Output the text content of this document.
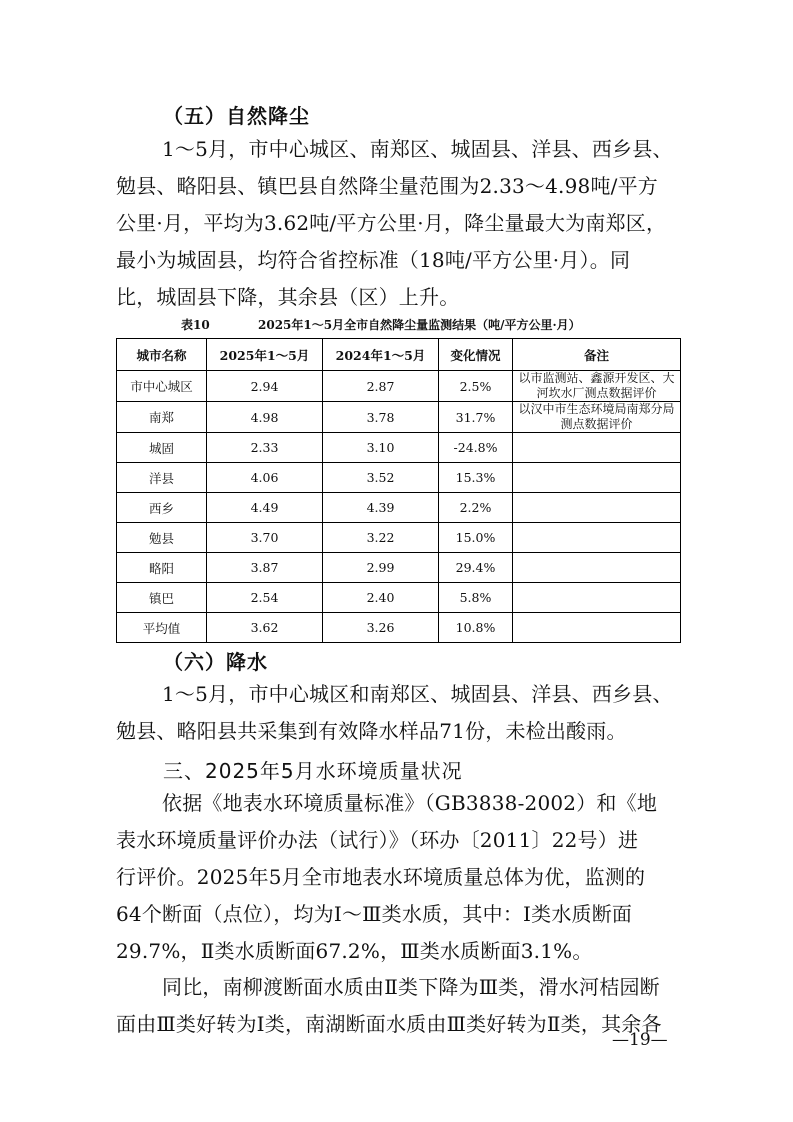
（五）自然降尘
1～5月，市中心城区、南郑区、城固县、洋县、西乡县、
勉县、略阳县、镇巴县自然降尘量范围为2.33～4.98吨/平方
公里·月，平均为3.62吨/平方公里·月，降尘量最大为南郑区，
最小为城固县，均符合省控标准（18吨/平方公里·月）。同
比，城固县下降，其余县（区）上升。
表10	2025年1～5月全市自然降尘量监测结果（吨/平方公里·月）
城市名称	2025年1～5月	2024年1～5月	变化情况	备注
市中心城区	2.94	2.87	2.5%	以市监测站、鑫源开发区、大河坎水厂测点数据评价
南郑	4.98	3.78	31.7%	以汉中市生态环境局南郑分局测点数据评价
城固	2.33	3.10	-24.8%	
洋县	4.06	3.52	15.3%	
西乡	4.49	4.39	2.2%	
勉县	3.70	3.22	15.0%	
略阳	3.87	2.99	29.4%	
镇巴	2.54	2.40	5.8%	
平均值	3.62	3.26	10.8%	
（六）降水
1～5月，市中心城区和南郑区、城固县、洋县、西乡县、
勉县、略阳县共采集到有效降水样品71份，未检出酸雨。
三、2025年5月水环境质量状况
依据《地表水环境质量标准》（GB3838-2002）和《地
表水环境质量评价办法（试行）》（环办〔2011〕22号）进
行评价。2025年5月全市地表水环境质量总体为优，监测的
64个断面（点位），均为Ⅰ～Ⅲ类水质，其中：Ⅰ类水质断面
29.7%，Ⅱ类水质断面67.2%，Ⅲ类水质断面3.1%。
同比，南柳渡断面水质由Ⅱ类下降为Ⅲ类，滑水河桔园断
面由Ⅲ类好转为Ⅰ类，南湖断面水质由Ⅲ类好转为Ⅱ类，其余各
—19—
